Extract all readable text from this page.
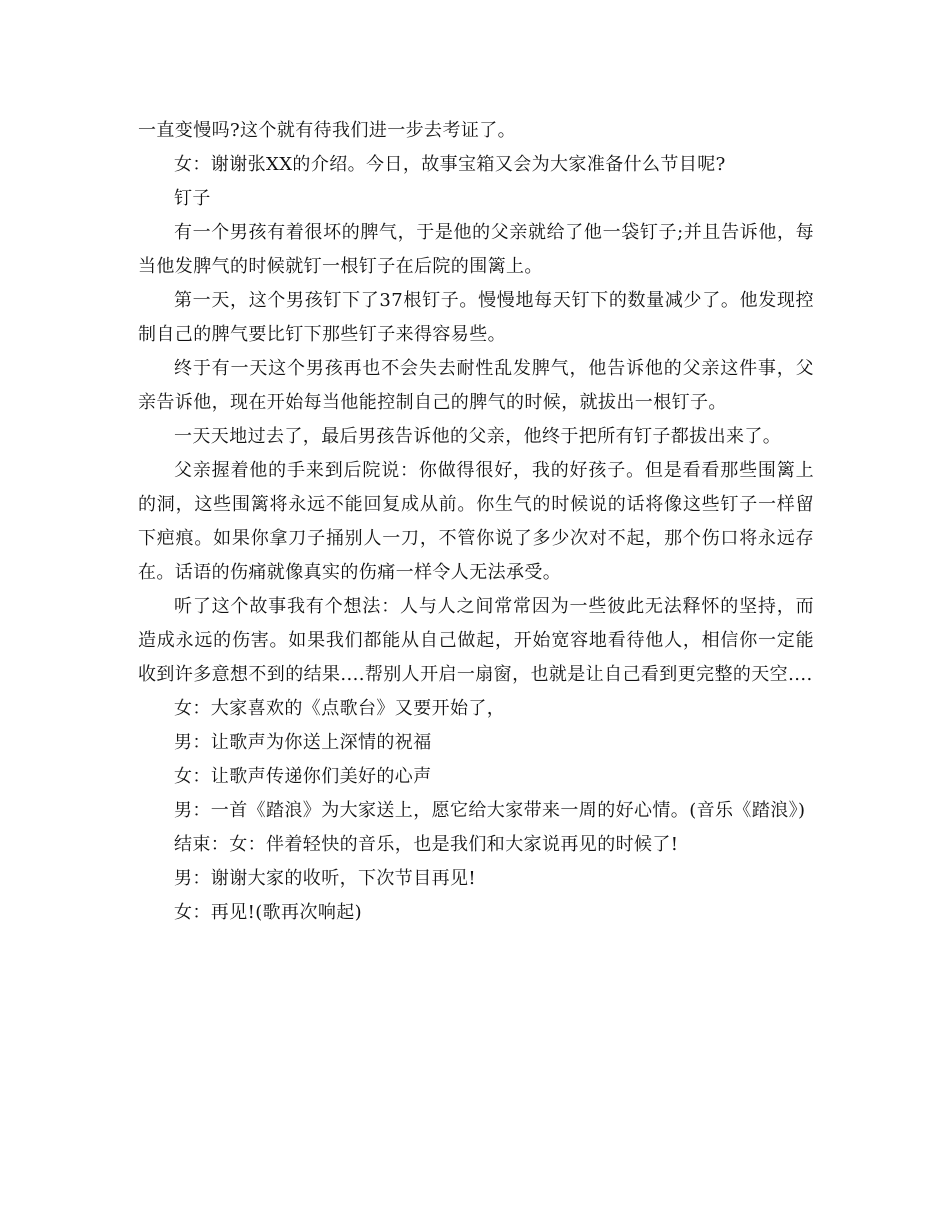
一直变慢吗?这个就有待我们进一步去考证了。

女：谢谢张XX的介绍。今日，故事宝箱又会为大家准备什么节目呢?

钉子

有一个男孩有着很坏的脾气，于是他的父亲就给了他一袋钉子;并且告诉他，每当他发脾气的时候就钉一根钉子在后院的围篱上。

第一天，这个男孩钉下了37根钉子。慢慢地每天钉下的数量减少了。他发现控制自己的脾气要比钉下那些钉子来得容易些。

终于有一天这个男孩再也不会失去耐性乱发脾气，他告诉他的父亲这件事，父亲告诉他，现在开始每当他能控制自己的脾气的时候，就拔出一根钉子。

一天天地过去了，最后男孩告诉他的父亲，他终于把所有钉子都拔出来了。

父亲握着他的手来到后院说：你做得很好，我的好孩子。但是看看那些围篱上的洞，这些围篱将永远不能回复成从前。你生气的时候说的话将像这些钉子一样留下疤痕。如果你拿刀子捅别人一刀，不管你说了多少次对不起，那个伤口将永远存在。话语的伤痛就像真实的伤痛一样令人无法承受。

听了这个故事我有个想法：人与人之间常常因为一些彼此无法释怀的坚持，而造成永远的伤害。如果我们都能从自己做起，开始宽容地看待他人，相信你一定能收到许多意想不到的结果....帮别人开启一扇窗，也就是让自己看到更完整的天空....

女：大家喜欢的《点歌台》又要开始了，

男：让歌声为你送上深情的祝福

女：让歌声传递你们美好的心声

男：一首《踏浪》为大家送上，愿它给大家带来一周的好心情。(音乐《踏浪》)

结束：女：伴着轻快的音乐，也是我们和大家说再见的时候了!

男：谢谢大家的收听，下次节目再见!

女：再见!(歌再次响起)
